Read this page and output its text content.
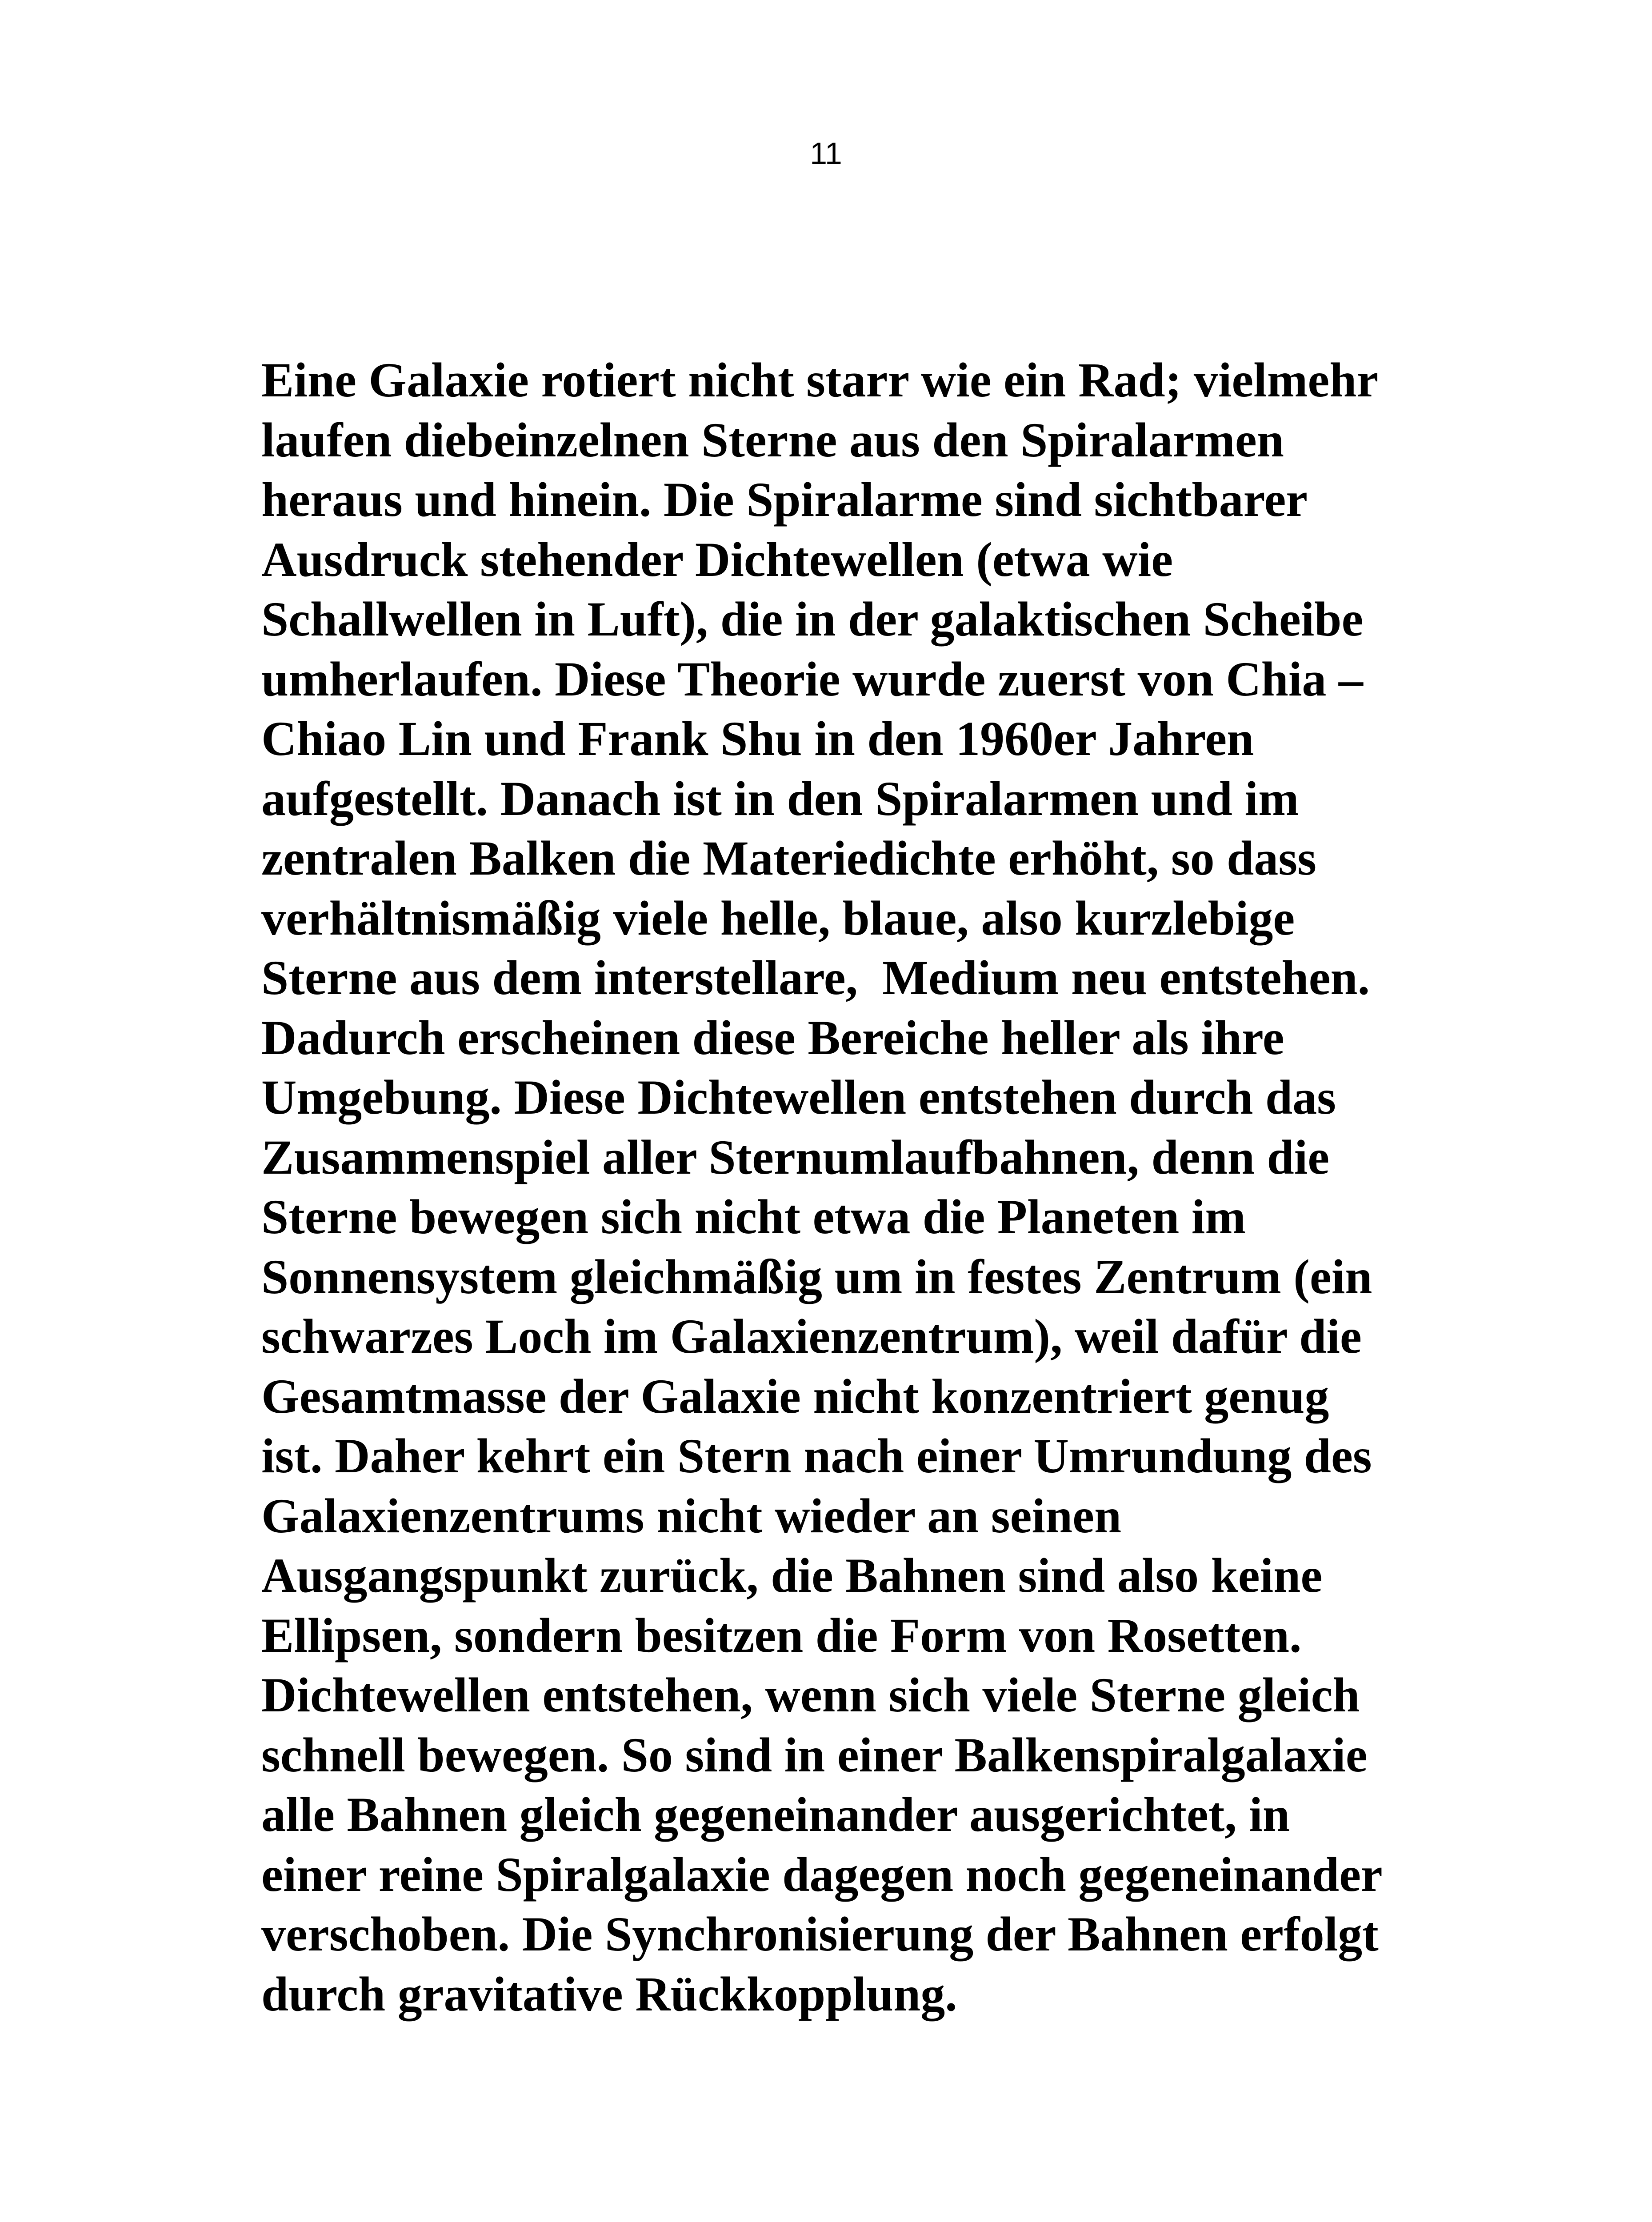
11

Eine Galaxie rotiert nicht starr wie ein Rad; vielmehr
laufen diebeinzelnen Sterne aus den Spiralarmen
heraus und hinein. Die Spiralarme sind sichtbarer
Ausdruck stehender Dichtewellen (etwa wie
Schallwellen in Luft), die in der galaktischen Scheibe
umherlaufen. Diese Theorie wurde zuerst von Chia –
Chiao Lin und Frank Shu in den 1960er Jahren
aufgestellt. Danach ist in den Spiralarmen und im
zentralen Balken die Materiedichte erhöht, so dass
verhältnismäßig viele helle, blaue, also kurzlebige
Sterne aus dem interstellare,  Medium neu entstehen.
Dadurch erscheinen diese Bereiche heller als ihre
Umgebung. Diese Dichtewellen entstehen durch das
Zusammenspiel aller Sternumlaufbahnen, denn die
Sterne bewegen sich nicht etwa die Planeten im
Sonnensystem gleichmäßig um in festes Zentrum (ein
schwarzes Loch im Galaxienzentrum), weil dafür die
Gesamtmasse der Galaxie nicht konzentriert genug
ist. Daher kehrt ein Stern nach einer Umrundung des
Galaxienzentrums nicht wieder an seinen
Ausgangspunkt zurück, die Bahnen sind also keine
Ellipsen, sondern besitzen die Form von Rosetten.
Dichtewellen entstehen, wenn sich viele Sterne gleich
schnell bewegen. So sind in einer Balkenspiralgalaxie
alle Bahnen gleich gegeneinander ausgerichtet, in
einer reine Spiralgalaxie dagegen noch gegeneinander
verschoben. Die Synchronisierung der Bahnen erfolgt
durch gravitative Rückkopplung.
